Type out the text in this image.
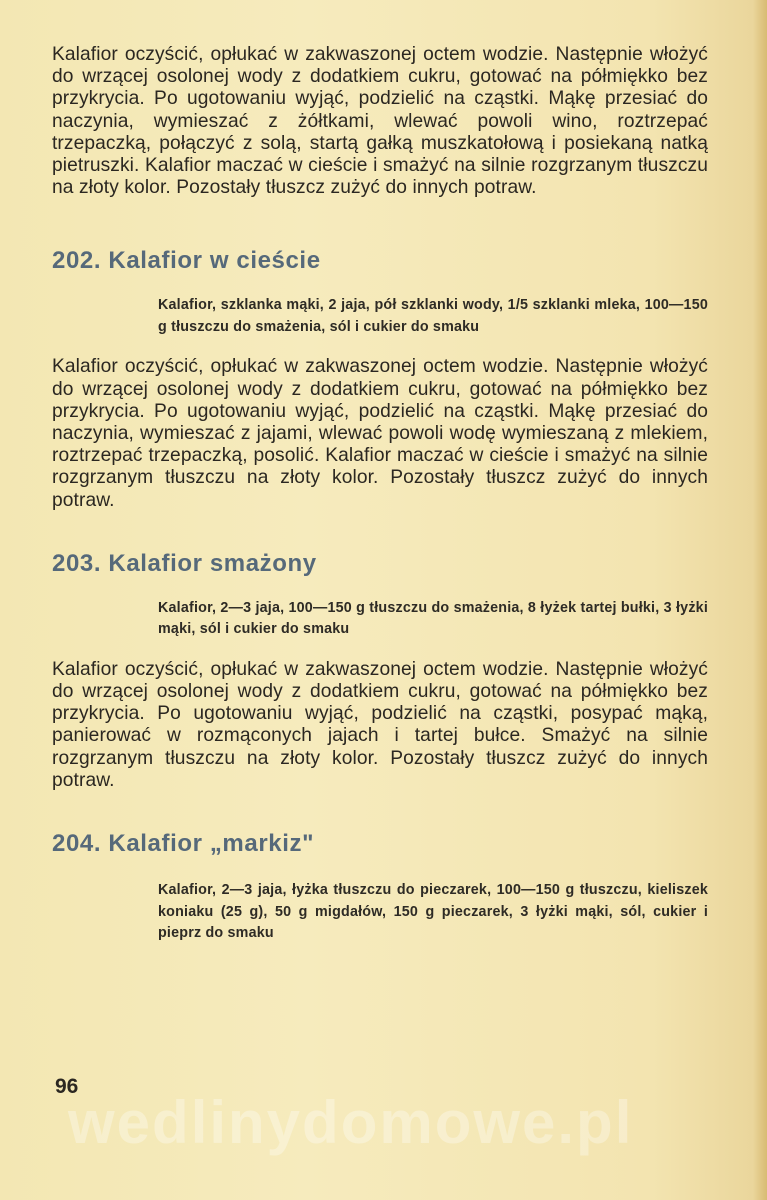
Kalafior oczyścić, opłukać w zakwaszonej octem wodzie. Następnie włożyć do wrzącej osolonej wody z dodatkiem cukru, gotować na półmiękko bez przykrycia. Po ugotowaniu wyjąć, podzielić na cząstki. Mąkę przesiać do naczynia, wymieszać z żółtkami, wlewać powoli wino, roztrzepać trzepaczką, połączyć z solą, startą gałką muszkatołową i posiekaną natką pietruszki. Kalafior maczać w cieście i smażyć na silnie rozgrzanym tłuszczu na złoty kolor. Pozostały tłuszcz zużyć do innych potraw.

202. Kalafior w cieście

Kalafior, szklanka mąki, 2 jaja, pół szklanki wody, 1/5 szklanki mleka, 100—150 g tłuszczu do smażenia, sól i cukier do smaku

Kalafior oczyścić, opłukać w zakwaszonej octem wodzie. Następnie włożyć do wrzącej osolonej wody z dodatkiem cukru, gotować na półmiękko bez przykrycia. Po ugotowaniu wyjąć, podzielić na cząstki. Mąkę przesiać do naczynia, wymieszać z jajami, wlewać powoli wodę wymieszaną z mlekiem, roztrzepać trzepaczką, posolić. Kalafior maczać w cieście i smażyć na silnie rozgrzanym tłuszczu na złoty kolor. Pozostały tłuszcz zużyć do innych potraw.

203. Kalafior smażony

Kalafior, 2—3 jaja, 100—150 g tłuszczu do smażenia, 8 łyżek tartej bułki, 3 łyżki mąki, sól i cukier do smaku

Kalafior oczyścić, opłukać w zakwaszonej octem wodzie. Następnie włożyć do wrzącej osolonej wody z dodatkiem cukru, gotować na półmiękko bez przykrycia. Po ugotowaniu wyjąć, podzielić na cząstki, posypać mąką, panierować w rozmąconych jajach i tartej bułce. Smażyć na silnie rozgrzanym tłuszczu na złoty kolor. Pozostały tłuszcz zużyć do innych potraw.

204. Kalafior „markiz"

Kalafior, 2—3 jaja, łyżka tłuszczu do pieczarek, 100—150 g tłuszczu, kieliszek koniaku (25 g), 50 g migdałów, 150 g pieczarek, 3 łyżki mąki, sól, cukier i pieprz do smaku

96
wedlinydomowe.pl
